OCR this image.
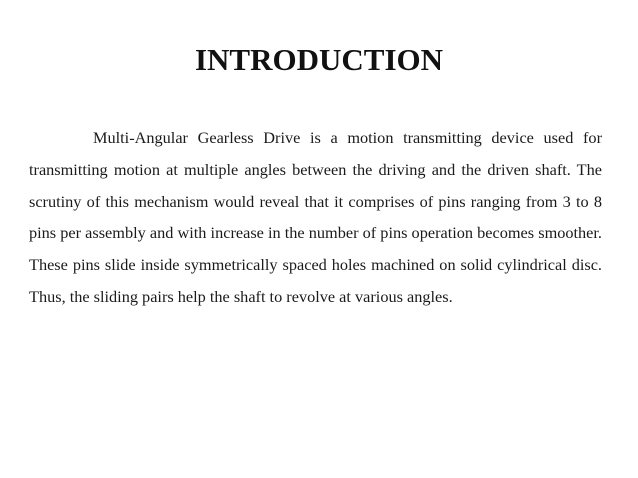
INTRODUCTION

Multi-Angular Gearless Drive is a motion transmitting device used for transmitting motion at multiple angles between the driving and the driven shaft. The scrutiny of this mechanism would reveal that it comprises of pins ranging from 3 to 8 pins per assembly and with increase in the number of pins operation becomes smoother. These pins slide inside symmetrically spaced holes machined on solid cylindrical disc. Thus, the sliding pairs help the shaft to revolve at various angles.
